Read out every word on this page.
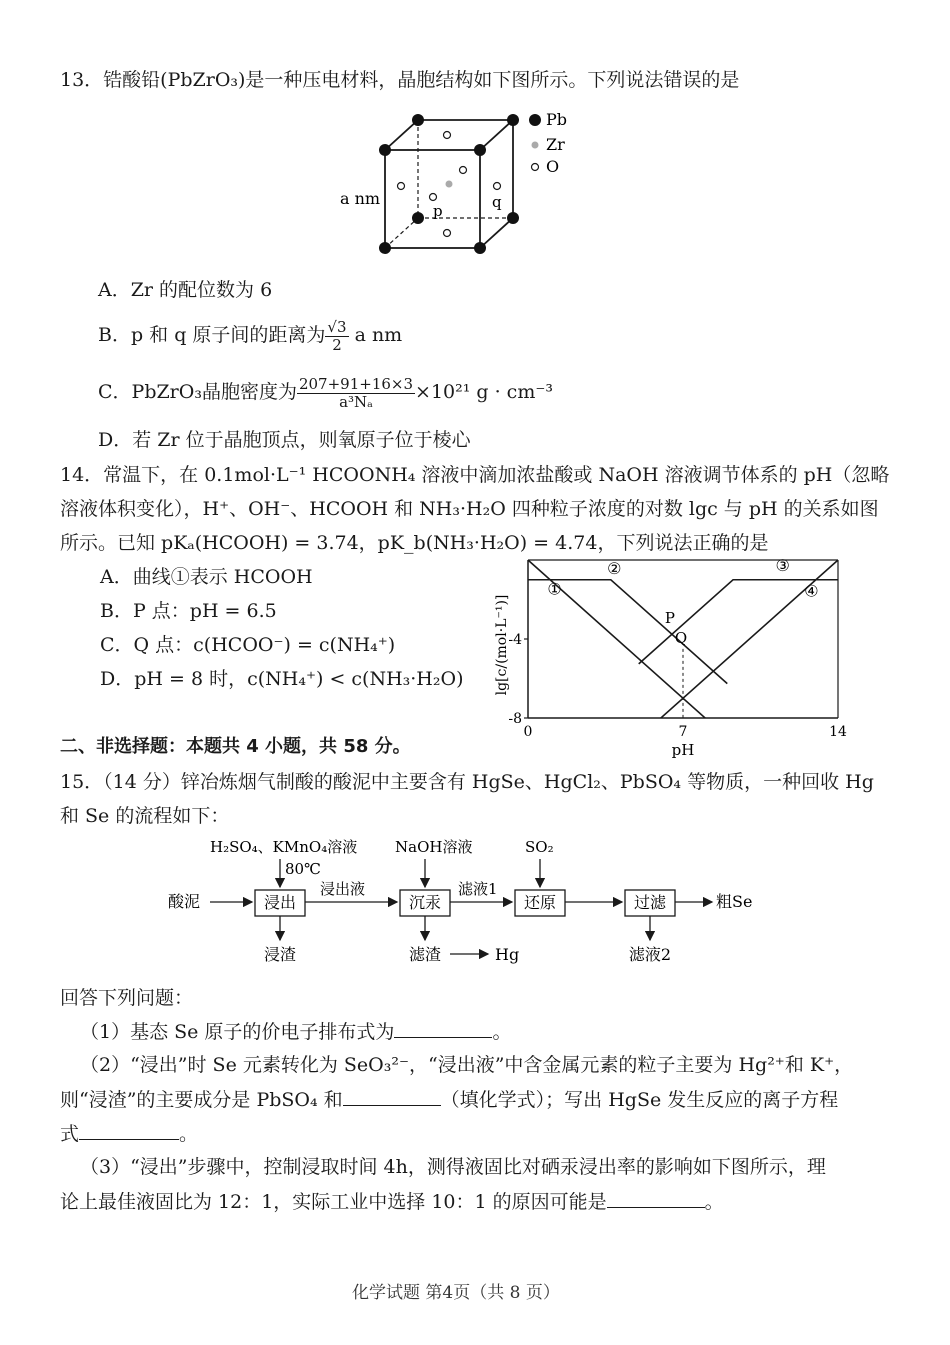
13．锆酸铅(PbZrO₃)是一种压电材料，晶胞结构如下图所示。下列说法错误的是
Pb
Zr
O
a nm
p	q
A．Zr 的配位数为 6
B．p 和 q 原子间的距离为 $\frac{√3}{2}$ a nm
C．PbZrO₃晶胞密度为 $\frac{207+91+16\times 3}{\text{a³Nₐ}} \times 10^{21}$ g · cm⁻³
D．若 Zr 位于晶胞顶点，则氧原子位于棱心
14．常温下，在 0.1mol·L⁻¹ HCOONH₄ 溶液中滴加浓盐酸或 NaOH 溶液调节体系的 pH（忽略
溶液体积变化），H⁺、OH⁻、HCOOH 和 NH₃·H₂O 四种粒子浓度的对数 lgc 与 pH 的关系如图
所示。已知 pKₐ(HCOOH) = 3.74，pK_b(NH₃·H₂O) = 4.74，下列说法正确的是
A．曲线①表示 HCOOH
B．P 点：pH = 6.5
C．Q 点：c(HCOO⁻) = c(NH₄⁺)
D．pH = 8 时，c(NH₄⁺) < c(NH₃·H₂O)
①
②	③
④
0	7	14
-4
-8
P
Q
lg[c/(mol·L⁻¹)]
pH
二、非选择题：本题共 4 小题，共 58 分。
15．（14 分）锌冶炼烟气制酸的酸泥中主要含有 HgSe、HgCl₂、PbSO₄ 等物质，一种回收 Hg
和 Se 的流程如下：
H₂SO₄、KMnO₄溶液
80℃
NaOH溶液	SO₂
酸泥	浸出
浸出液
沉汞
滤液1
还原	过滤	粗Se
浸渣	滤渣	Hg	滤液2
回答下列问题：
（1）基态 Se 原子的价电子排布式为	。
（2）“浸出”时 Se 元素转化为 SeO₃²⁻，“浸出液”中含金属元素的粒子主要为 Hg²⁺和 K⁺，
则“浸渣”的主要成分是 PbSO₄ 和	（填化学式）；写出 HgSe 发生反应的离子方程
式	。
（3）“浸出”步骤中，控制浸取时间 4h，测得液固比对硒汞浸出率的影响如下图所示，理
论上最佳液固比为 12：1，实际工业中选择 10：1 的原因可能是	。
化学试题 第4页（共 8 页）
